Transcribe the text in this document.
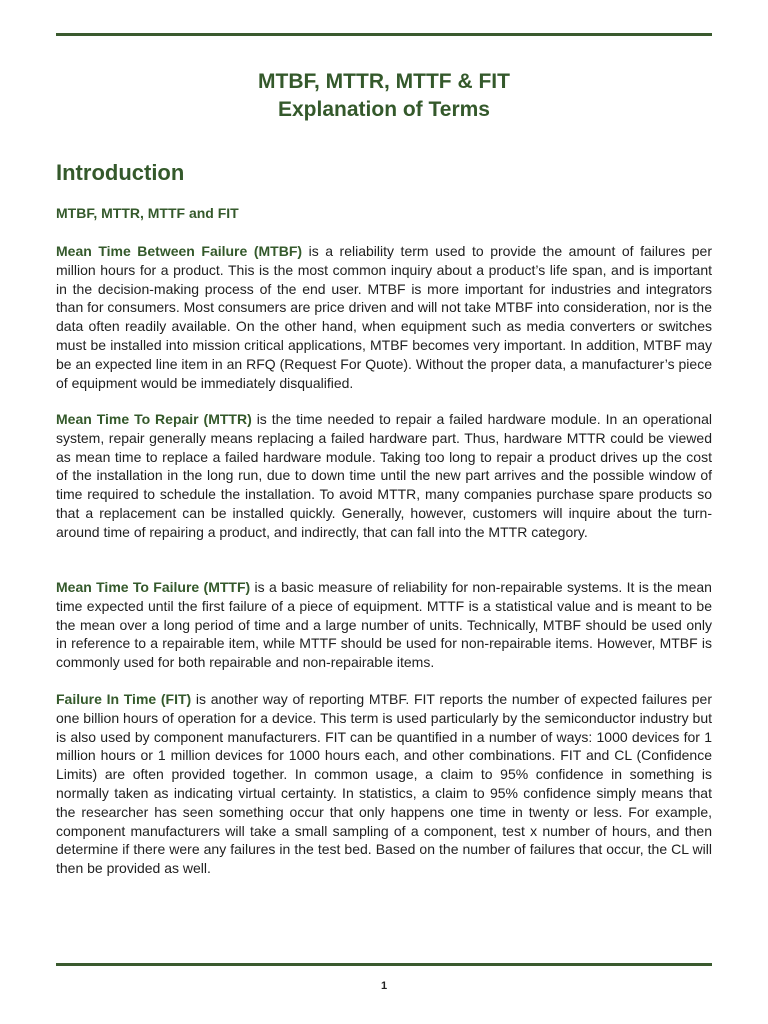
MTBF, MTTR, MTTF & FIT
Explanation of Terms
Introduction
MTBF, MTTR, MTTF and FIT

Mean Time Between Failure (MTBF) is a reliability term used to provide the amount of failures per million hours for a product. This is the most common inquiry about a product’s life span, and is important in the decision-making process of the end user. MTBF is more important for industries and integrators than for consumers. Most consumers are price driven and will not take MTBF into consideration, nor is the data often readily available. On the other hand, when equipment such as media converters or switches must be installed into mission critical applications, MTBF becomes very important. In addition, MTBF may be an expected line item in an RFQ (Request For Quote). Without the proper data, a manufacturer’s piece of equipment would be immediately disqualified.

Mean Time To Repair (MTTR) is the time needed to repair a failed hardware module. In an operational system, repair generally means replacing a failed hardware part. Thus, hardware MTTR could be viewed as mean time to replace a failed hardware module. Taking too long to repair a product drives up the cost of the installation in the long run, due to down time until the new part arrives and the possible window of time required to schedule the installation. To avoid MTTR, many companies purchase spare products so that a replacement can be installed quickly. Generally, however, customers will inquire about the turn-around time of repairing a product, and indirectly, that can fall into the MTTR category.

Mean Time To Failure (MTTF) is a basic measure of reliability for non-repairable systems. It is the mean time expected until the first failure of a piece of equipment. MTTF is a statistical value and is meant to be the mean over a long period of time and a large number of units. Technically, MTBF should be used only in reference to a repairable item, while MTTF should be used for non-repairable items. However, MTBF is commonly used for both repairable and non-repairable items.

Failure In Time (FIT) is another way of reporting MTBF. FIT reports the number of expected failures per one billion hours of operation for a device. This term is used particularly by the semiconductor industry but is also used by component manufacturers. FIT can be quantified in a number of ways: 1000 devices for 1 million hours or 1 million devices for 1000 hours each, and other combinations. FIT and CL (Confidence Limits) are often provided together. In common usage, a claim to 95% confidence in something is normally taken as indicating virtual certainty. In statistics, a claim to 95% confidence simply means that the researcher has seen something occur that only happens one time in twenty or less. For example, component manufacturers will take a small sampling of a component, test x number of hours, and then determine if there were any failures in the test bed. Based on the number of failures that occur, the CL will then be provided as well.

1
